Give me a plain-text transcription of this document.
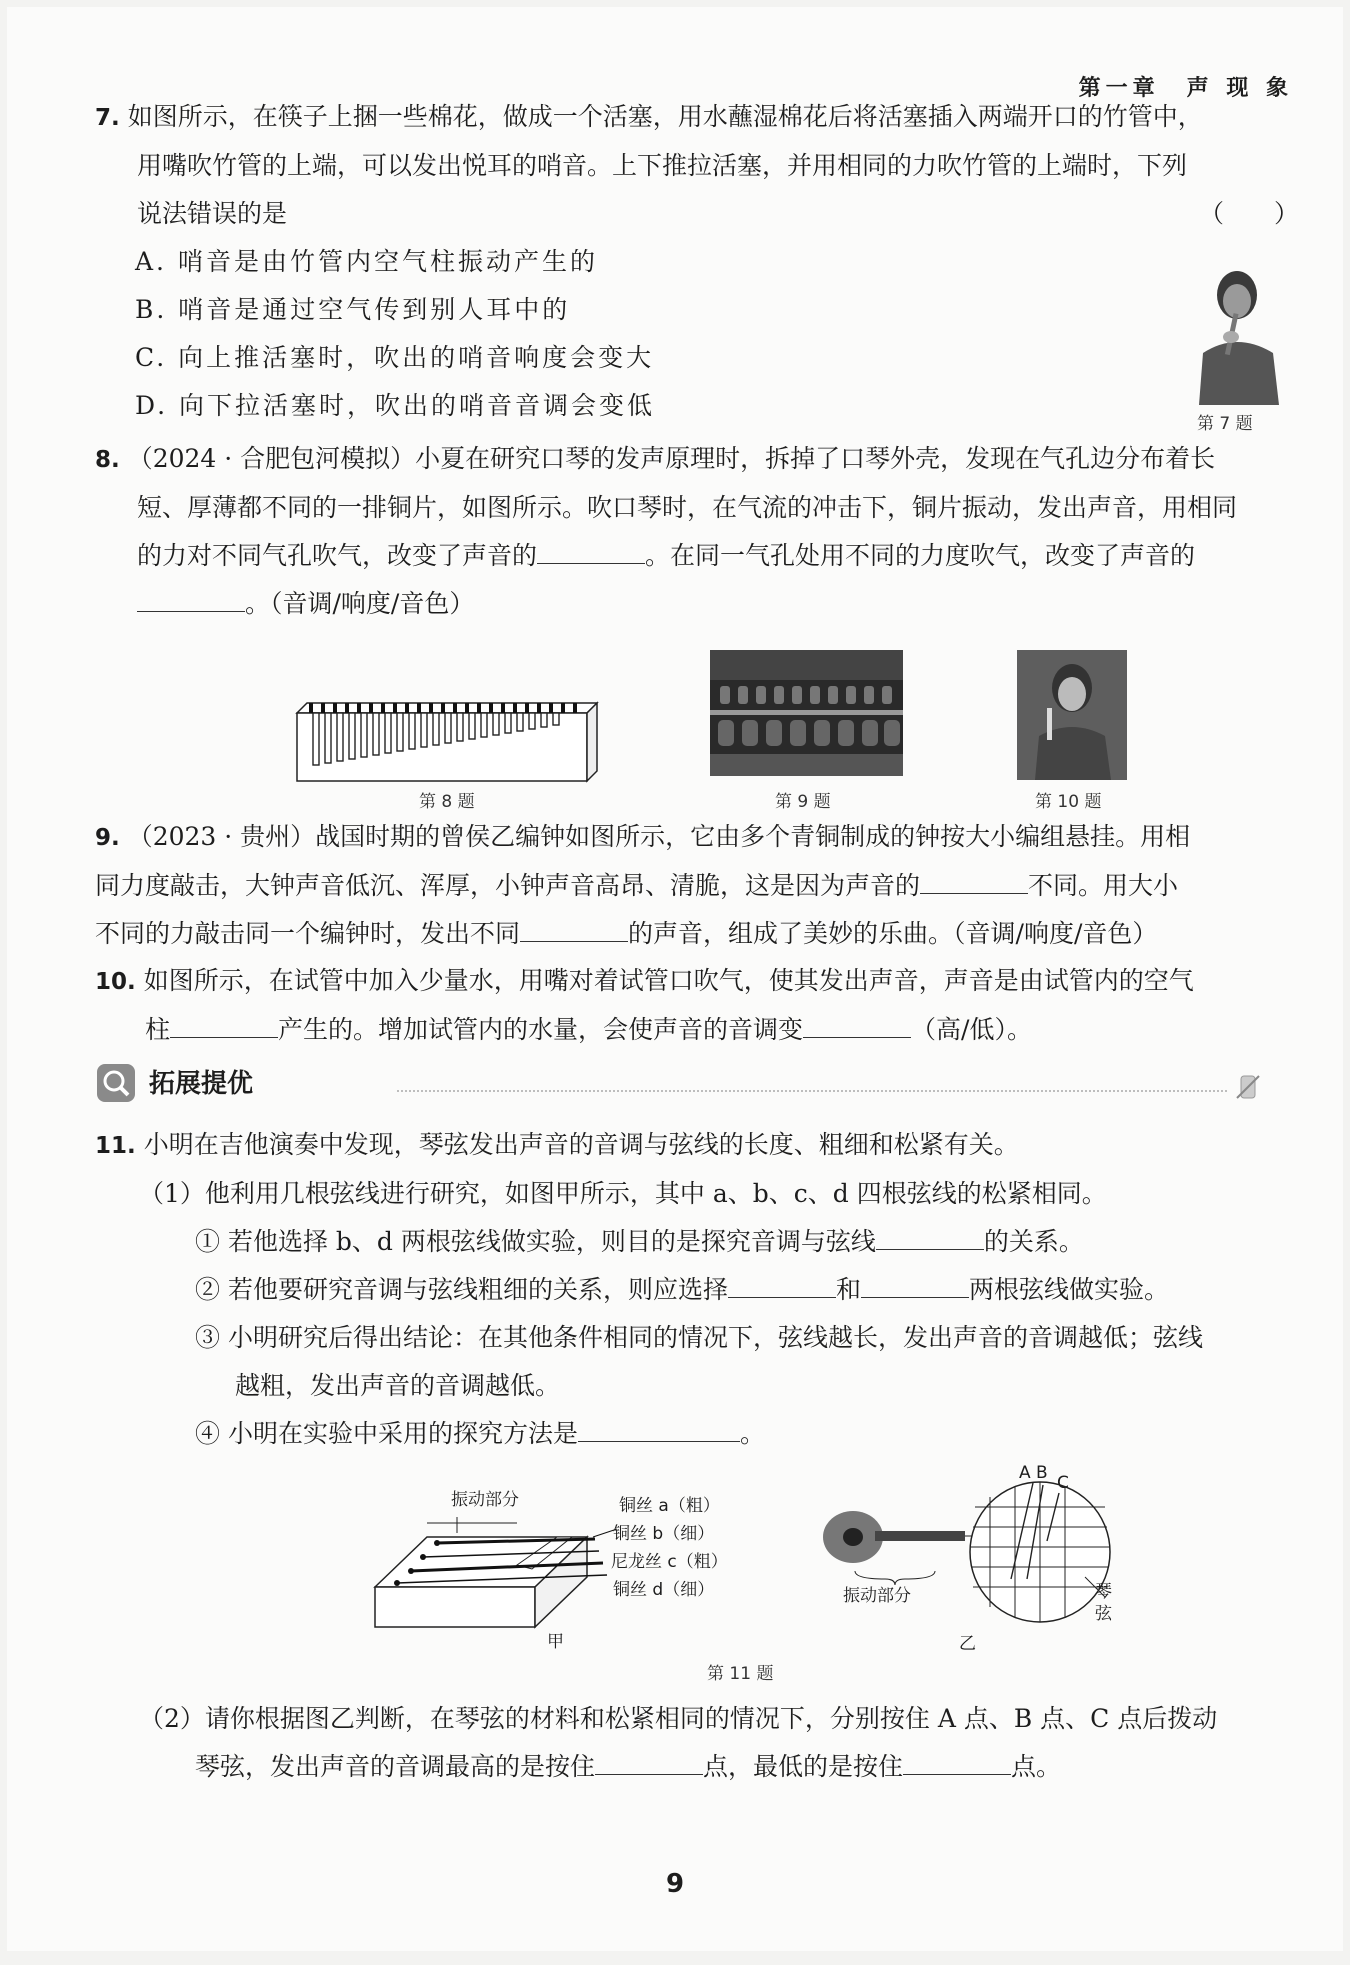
第一章　声 现 象
7. 如图所示，在筷子上捆一些棉花，做成一个活塞，用水蘸湿棉花后将活塞插入两端开口的竹管中，
用嘴吹竹管的上端，可以发出悦耳的哨音。上下推拉活塞，并用相同的力吹竹管的上端时，下列
说法错误的是	（　　）
A. 哨音是由竹管内空气柱振动产生的
B. 哨音是通过空气传到别人耳中的
C. 向上推活塞时，吹出的哨音响度会变大
D. 向下拉活塞时，吹出的哨音音调会变低
第 7 题
8. （2024 · 合肥包河模拟）小夏在研究口琴的发声原理时，拆掉了口琴外壳，发现在气孔边分布着长
短、厚薄都不同的一排铜片，如图所示。吹口琴时，在气流的冲击下，铜片振动，发出声音，用相同
的力对不同气孔吹气，改变了声音的	。在同一气孔处用不同的力度吹气，改变了声音的
。（音调/响度/音色）
第 8 题	第 9 题	第 10 题
9. （2023 · 贵州）战国时期的曾侯乙编钟如图所示，它由多个青铜制成的钟按大小编组悬挂。用相
同力度敲击，大钟声音低沉、浑厚，小钟声音高昂、清脆，这是因为声音的	不同。用大小
不同的力敲击同一个编钟时，发出不同	的声音，组成了美妙的乐曲。（音调/响度/音色）
10. 如图所示，在试管中加入少量水，用嘴对着试管口吹气，使其发出声音，声音是由试管内的空气
柱	产生的。增加试管内的水量，会使声音的音调变	（高/低）。
拓展提优
11. 小明在吉他演奏中发现，琴弦发出声音的音调与弦线的长度、粗细和松紧有关。
（1）他利用几根弦线进行研究，如图甲所示，其中 a、b、c、d 四根弦线的松紧相同。
① 若他选择 b、d 两根弦线做实验，则目的是探究音调与弦线	的关系。
② 若他要研究音调与弦线粗细的关系，则应选择	和	两根弦线做实验。
③ 小明研究后得出结论：在其他条件相同的情况下，弦线越长，发出声音的音调越低；弦线
越粗，发出声音的音调越低。
④ 小明在实验中采用的探究方法是	。
振动部分	铜丝 a（粗）
铜丝 b（细）
尼龙丝 c（粗）
铜丝 d（细）
甲
A B C
琴
弦
振动部分
乙
第 11 题
（2）请你根据图乙判断，在琴弦的材料和松紧相同的情况下，分别按住 A 点、B 点、C 点后拨动
琴弦，发出声音的音调最高的是按住	点，最低的是按住	点。
9
